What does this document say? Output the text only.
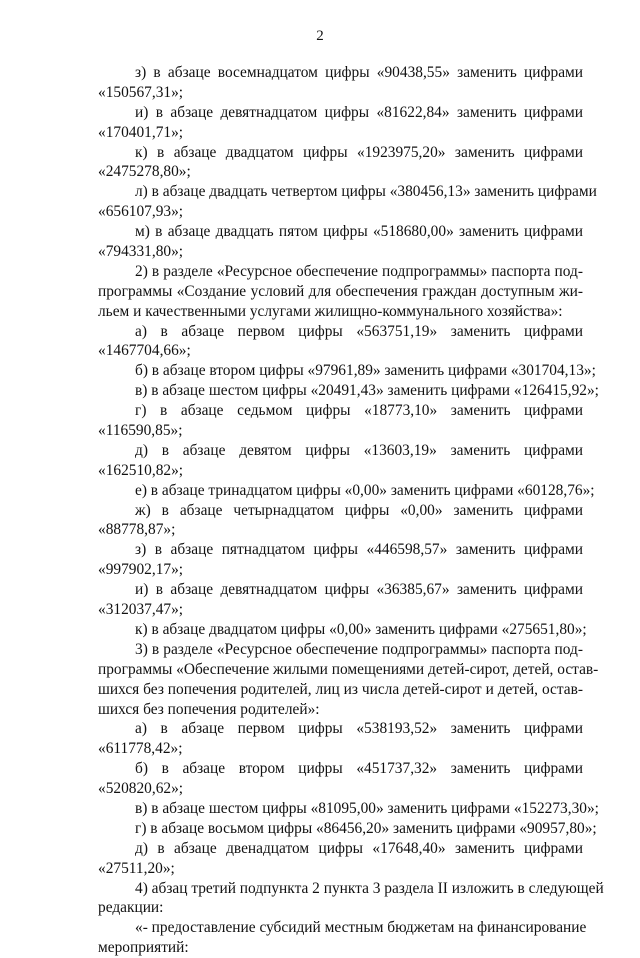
2
з) в абзаце восемнадцатом цифры «90438,55» заменить цифрами
«150567,31»;
и) в абзаце девятнадцатом цифры «81622,84» заменить цифрами
«170401,71»;
к) в абзаце двадцатом цифры «1923975,20» заменить цифрами
«2475278,80»;
л) в абзаце двадцать четвертом цифры «380456,13» заменить цифрами
«656107,93»;
м) в абзаце двадцать пятом цифры «518680,00» заменить цифрами
«794331,80»;
2) в разделе «Ресурсное обеспечение подпрограммы» паспорта под-
программы «Создание условий для обеспечения граждан доступным жи-
льем и качественными услугами жилищно-коммунального хозяйства»:
а) в абзаце первом цифры «563751,19» заменить цифрами
«1467704,66»;
б) в абзаце втором цифры «97961,89» заменить цифрами «301704,13»;
в) в абзаце шестом цифры «20491,43» заменить цифрами «126415,92»;
г) в абзаце седьмом цифры «18773,10» заменить цифрами
«116590,85»;
д) в абзаце девятом цифры «13603,19» заменить цифрами
«162510,82»;
е) в абзаце тринадцатом цифры «0,00» заменить цифрами «60128,76»;
ж) в абзаце четырнадцатом цифры «0,00» заменить цифрами
«88778,87»;
з) в абзаце пятнадцатом цифры «446598,57» заменить цифрами
«997902,17»;
и) в абзаце девятнадцатом цифры «36385,67» заменить цифрами
«312037,47»;
к) в абзаце двадцатом цифры «0,00» заменить цифрами «275651,80»;
3) в разделе «Ресурсное обеспечение подпрограммы» паспорта под-
программы «Обеспечение жилыми помещениями детей-сирот, детей, остав-
шихся без попечения родителей, лиц из числа детей-сирот и детей, остав-
шихся без попечения родителей»:
а) в абзаце первом цифры «538193,52» заменить цифрами
«611778,42»;
б) в абзаце втором цифры «451737,32» заменить цифрами
«520820,62»;
в) в абзаце шестом цифры «81095,00» заменить цифрами «152273,30»;
г) в абзаце восьмом цифры «86456,20» заменить цифрами «90957,80»;
д) в абзаце двенадцатом цифры «17648,40» заменить цифрами
«27511,20»;
4) абзац третий подпункта 2 пункта 3 раздела II изложить в следующей
редакции:
«- предоставление субсидий местным бюджетам на финансирование
мероприятий:
